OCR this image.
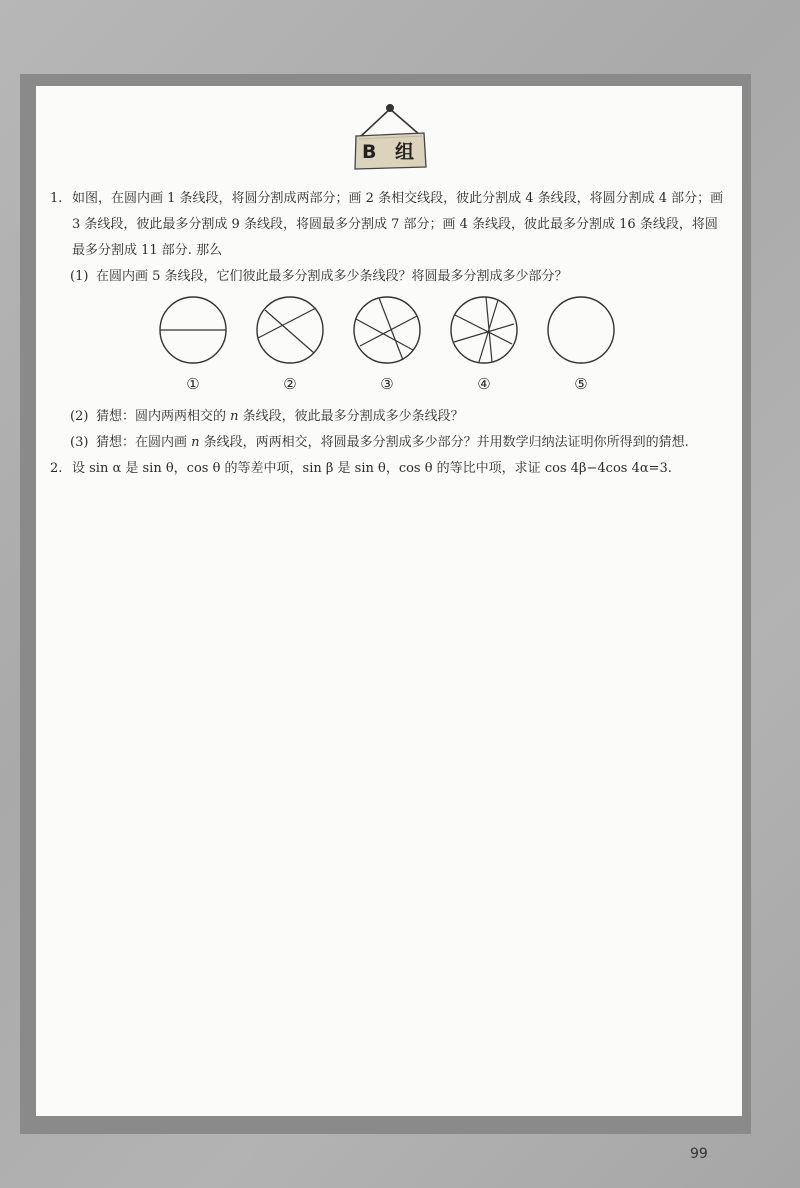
B 组
1. 如图，在圆内画 1 条线段，将圆分割成两部分；画 2 条相交线段，彼此分割成 4 条线段，将圆分割成 4 部分；画 3 条线段，彼此最多分割成 9 条线段，将圆最多分割成 7 部分；画 4 条线段，彼此最多分割成 16 条线段，将圆最多分割成 11 部分. 那么
(1) 在圆内画 5 条线段，它们彼此最多分割成多少条线段？将圆最多分割成多少部分？
①	②	③	④	⑤
(2) 猜想：圆内两两相交的 n 条线段，彼此最多分割成多少条线段？
(3) 猜想：在圆内画 n 条线段，两两相交，将圆最多分割成多少部分？并用数学归纳法证明你所得到的猜想.
2. 设 sin α 是 sin θ，cos θ 的等差中项，sin β 是 sin θ，cos θ 的等比中项，求证 cos 4β−4cos 4α=3.
99
